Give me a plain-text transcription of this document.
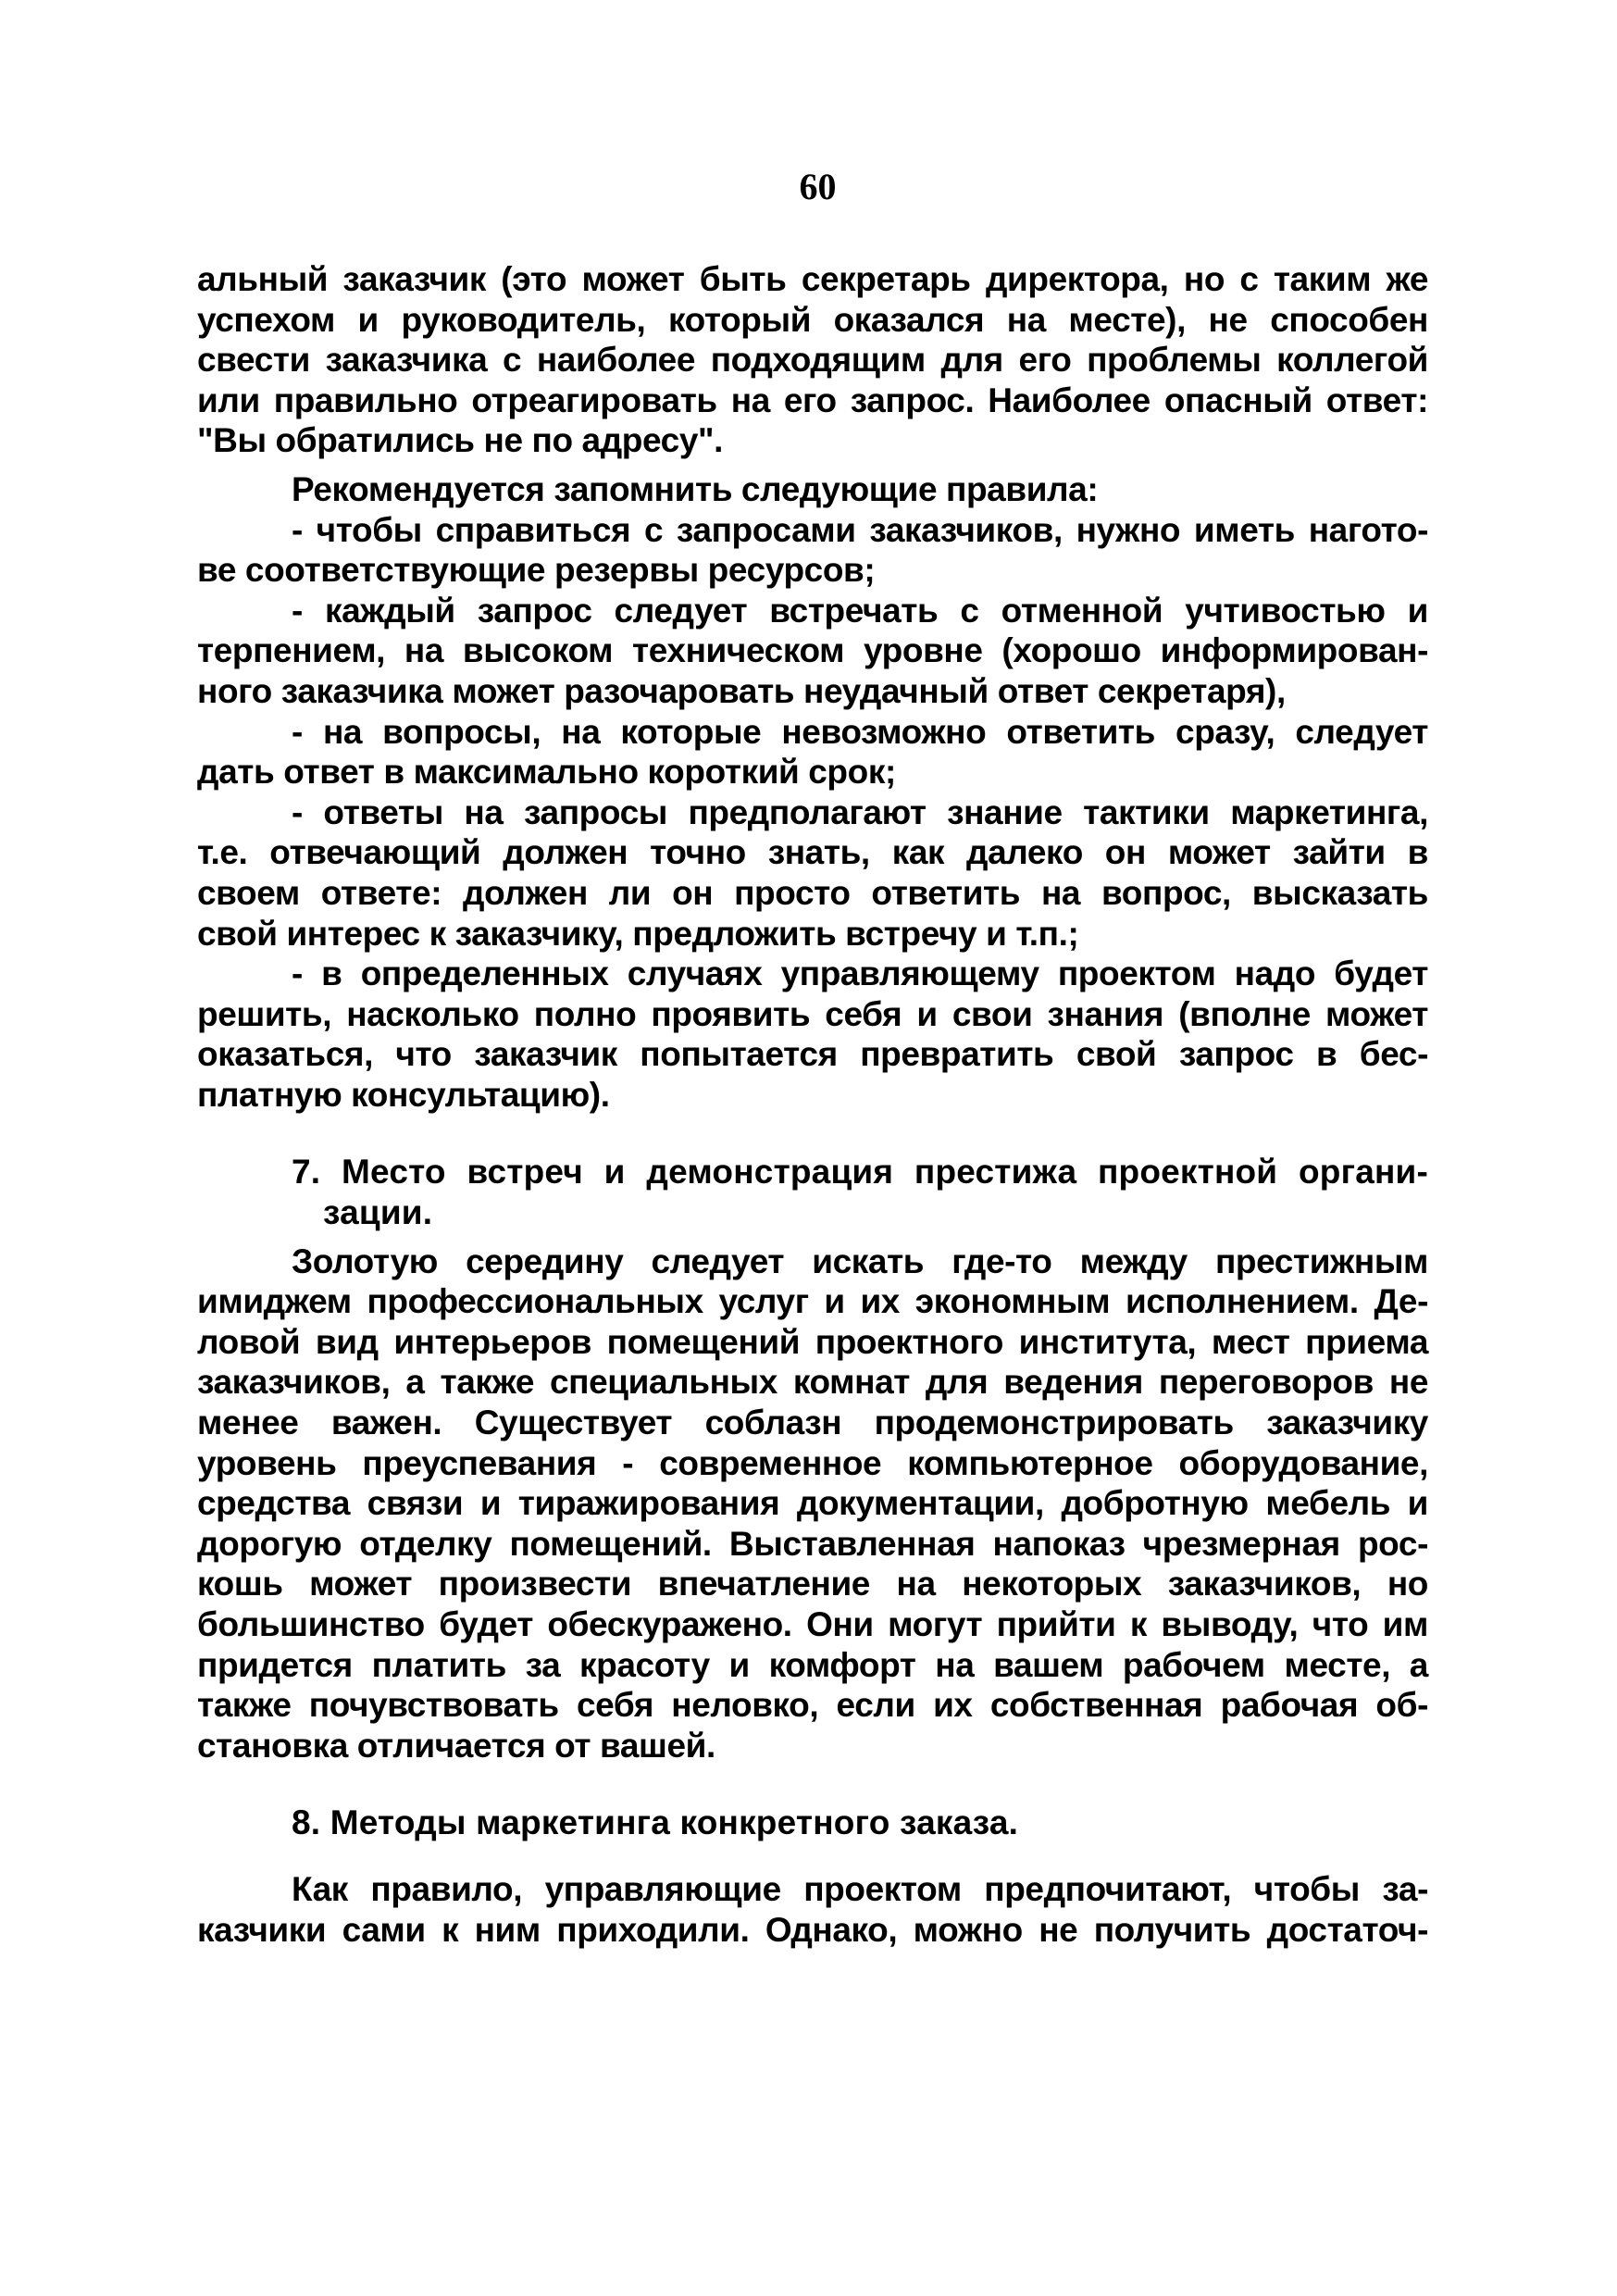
60
альный заказчик (это может быть секретарь директора, но с таким же
успехом и руководитель, который оказался на месте), не способен
свести заказчика с наиболее подходящим для его проблемы коллегой
или правильно отреагировать на его запрос. Наиболее опасный ответ:
"Вы обратились не по адресу".
Рекомендуется запомнить следующие правила:
- чтобы справиться с запросами заказчиков, нужно иметь нагото-
ве соответствующие резервы ресурсов;
- каждый запрос следует встречать с отменной учтивостью и
терпением, на высоком техническом уровне (хорошо информирован-
ного заказчика может разочаровать неудачный ответ секретаря),
- на вопросы, на которые невозможно ответить сразу, следует
дать ответ в максимально короткий срок;
- ответы на запросы предполагают знание тактики маркетинга,
т.е. отвечающий должен точно знать, как далеко он может зайти в
своем ответе: должен ли он просто ответить на вопрос, высказать
свой интерес к заказчику, предложить встречу и т.п.;
- в определенных случаях управляющему проектом надо будет
решить, насколько полно проявить себя и свои знания (вполне может
оказаться, что заказчик попытается превратить свой запрос в бес-
платную консультацию).
7. Место встреч и демонстрация престижа проектной органи-
зации.
Золотую середину следует искать где-то между престижным
имиджем профессиональных услуг и их экономным исполнением. Де-
ловой вид интерьеров помещений проектного института, мест приема
заказчиков, а также специальных комнат для ведения переговоров не
менее важен. Существует соблазн продемонстрировать заказчику
уровень преуспевания - современное компьютерное оборудование,
средства связи и тиражирования документации, добротную мебель и
дорогую отделку помещений. Выставленная напоказ чрезмерная рос-
кошь может произвести впечатление на некоторых заказчиков, но
большинство будет обескуражено. Они могут прийти к выводу, что им
придется платить за красоту и комфорт на вашем рабочем месте, а
также почувствовать себя неловко, если их собственная рабочая об-
становка отличается от вашей.
8. Методы маркетинга конкретного заказа.
Как правило, управляющие проектом предпочитают, чтобы за-
казчики сами к ним приходили. Однако, можно не получить достаточ-
